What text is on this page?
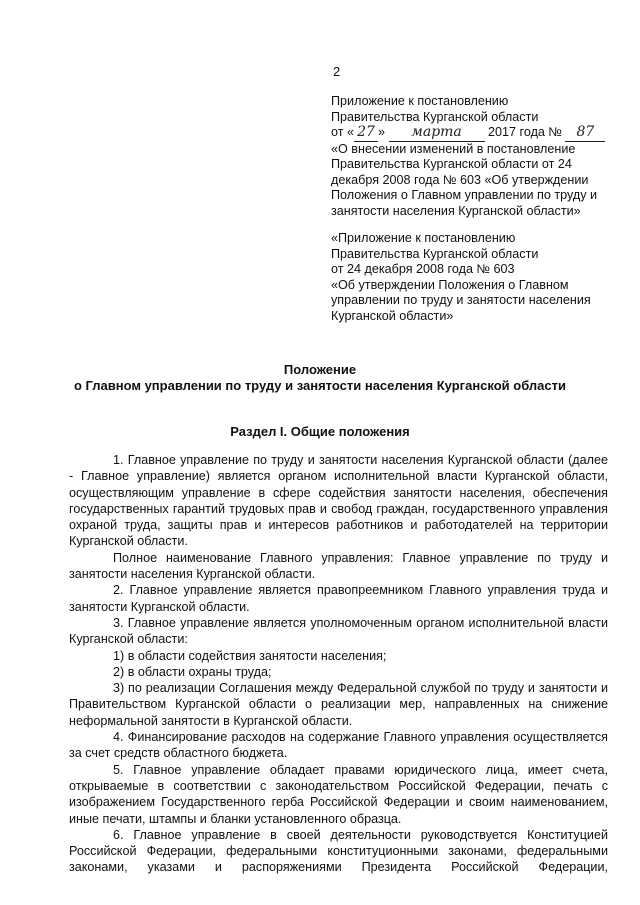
2
Приложение к постановлению
Правительства Курганской области
от « 27 » марта 2017 года № 87
«О внесении изменений в постановление
Правительства Курганской области от 24
декабря 2008 года № 603 «Об утверждении
Положения о Главном управлении по труду и
занятости населения Курганской области»
«Приложение к постановлению
Правительства Курганской области
от 24 декабря 2008 года № 603
«Об утверждении Положения о Главном
управлении по труду и занятости населения
Курганской области»
Положение
о Главном управлении по труду и занятости населения Курганской области
Раздел I. Общие положения

1. Главное управление по труду и занятости населения Курганской области (далее - Главное управление) является органом исполнительной власти Курганской области, осуществляющим управление в сфере содействия занятости населения, обеспечения государственных гарантий трудовых прав и свобод граждан, государственного управления охраной труда, защиты прав и интересов работников и работодателей на территории Курганской области.

Полное наименование Главного управления: Главное управление по труду и занятости населения Курганской области.

2. Главное управление является правопреемником Главного управления труда и занятости Курганской области.

3. Главное управление является уполномоченным органом исполнительной власти Курганской области:

1) в области содействия занятости населения;

2) в области охраны труда;

3) по реализации Соглашения между Федеральной службой по труду и занятости и Правительством Курганской области о реализации мер, направленных на снижение неформальной занятости в Курганской области.

4. Финансирование расходов на содержание Главного управления осуществляется за счет средств областного бюджета.

5. Главное управление обладает правами юридического лица, имеет счета, открываемые в соответствии с законодательством Российской Федерации, печать с изображением Государственного герба Российской Федерации и своим наименованием, иные печати, штампы и бланки установленного образца.

6. Главное управление в своей деятельности руководствуется Конституцией Российской Федерации, федеральными конституционными законами, федеральными законами, указами и распоряжениями Президента Российской Федерации,
